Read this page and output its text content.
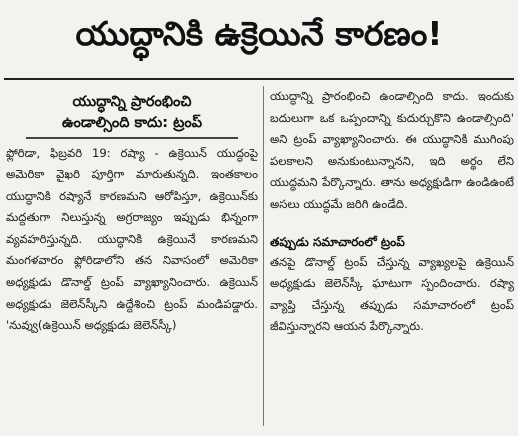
యుద్ధానికి ఉక్రెయినే కారణం!
యుద్ధాన్ని ప్రారంభించి
ఉండాల్సింది కాదు: ట్రంప్

ఫ్లోరిడా, ఫిబ్రవరి 19: రష్యా - ఉక్రెయిన్ యుద్ధంపై అమెరికా వైఖరి పూర్తిగా మారుతున్నది. ఇంతకాలం యుద్ధానికి రష్యానే కారణమని ఆరోపిస్తూ, ఉక్రెయిన్‌కు మద్దతుగా నిలుస్తున్న అగ్రరాజ్యం ఇప్పుడు భిన్నంగా వ్యవహరిస్తున్నది. యుద్ధానికి ఉక్రెయినే కారణమని మంగళవారం ఫ్లోరిడాలోని తన నివాసంలో అమెరికా అధ్యక్షుడు డొనాల్డ్ ట్రంప్ వ్యాఖ్యానించారు. ఉక్రెయిన్ అధ్యక్షుడు జెలెన్‌స్కీని ఉద్దేశించి ట్రంప్ మండిపడ్డారు. 'నువ్వు(ఉక్రెయిన్ అధ్యక్షుడు జెలెన్‌స్కీ)

యుద్ధాన్ని ప్రారంభించి ఉండాల్సింది కాదు. ఇందుకు బదులుగా ఒక ఒప్పందాన్ని కుదుర్చుకొని ఉండాల్సింది' అని ట్రంప్ వ్యాఖ్యానించారు. ఈ యుద్ధానికి ముగింపు పలకాలని అనుకుంటున్నానని, ఇది అర్థం లేని యుద్ధమని పేర్కొన్నారు. తాను అధ్యక్షుడిగా ఉండిఉంటే అసలు యుద్ధమే జరిగి ఉండేది.

తప్పుడు సమాచారంలో ట్రంప్

తనపై డొనాల్డ్ ట్రంప్ చేస్తున్న వ్యాఖ్యలపై ఉక్రెయిన్ అధ్యక్షుడు జెలెన్‌స్కీ ఘాటుగా స్పందించారు. రష్యా వ్యాప్తి చేస్తున్న తప్పుడు సమాచారంలో ట్రంప్ జీవిస్తున్నారని ఆయన పేర్కొన్నారు.
